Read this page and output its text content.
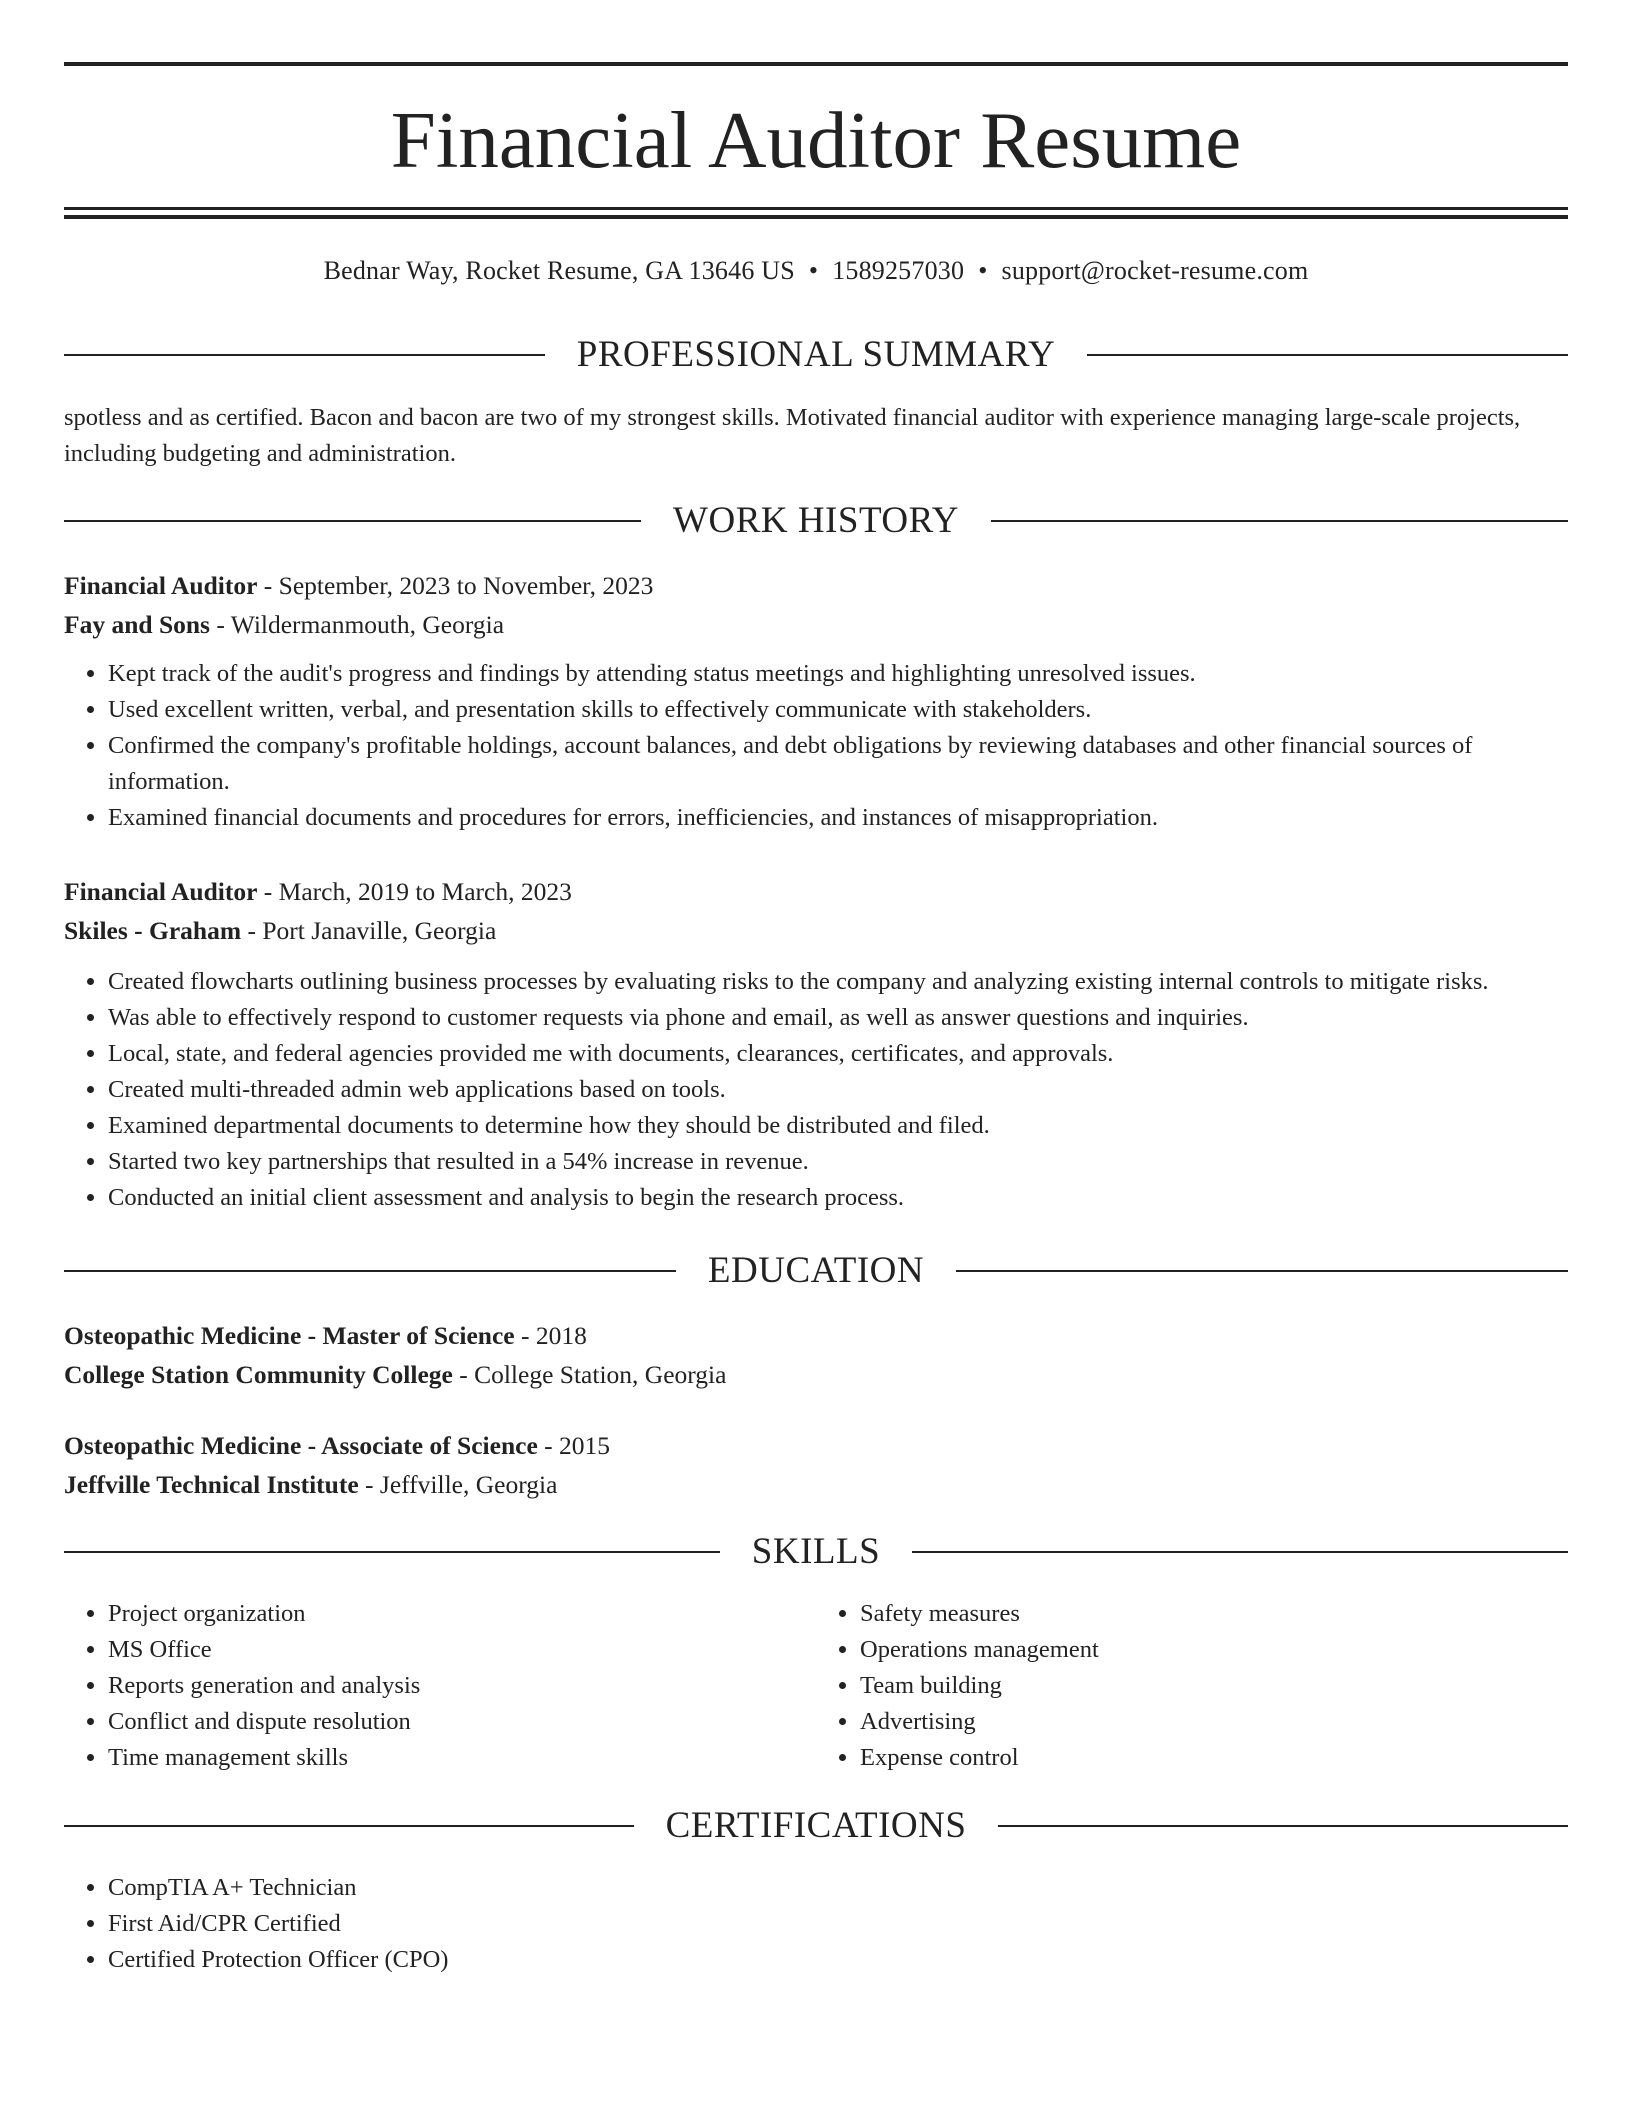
Financial Auditor Resume
Bednar Way, Rocket Resume, GA 13646 US • 1589257030 • support@rocket-resume.com
PROFESSIONAL SUMMARY
spotless and as certified. Bacon and bacon are two of my strongest skills. Motivated financial auditor with experience managing large-scale projects, including budgeting and administration.
WORK HISTORY
Financial Auditor - September, 2023 to November, 2023
Fay and Sons - Wildermanmouth, Georgia
• Kept track of the audit's progress and findings by attending status meetings and highlighting unresolved issues.
• Used excellent written, verbal, and presentation skills to effectively communicate with stakeholders.
• Confirmed the company's profitable holdings, account balances, and debt obligations by reviewing databases and other financial sources of information.
• Examined financial documents and procedures for errors, inefficiencies, and instances of misappropriation.
Financial Auditor - March, 2019 to March, 2023
Skiles - Graham - Port Janaville, Georgia
• Created flowcharts outlining business processes by evaluating risks to the company and analyzing existing internal controls to mitigate risks.
• Was able to effectively respond to customer requests via phone and email, as well as answer questions and inquiries.
• Local, state, and federal agencies provided me with documents, clearances, certificates, and approvals.
• Created multi-threaded admin web applications based on tools.
• Examined departmental documents to determine how they should be distributed and filed.
• Started two key partnerships that resulted in a 54% increase in revenue.
• Conducted an initial client assessment and analysis to begin the research process.
EDUCATION
Osteopathic Medicine - Master of Science - 2018
College Station Community College - College Station, Georgia
Osteopathic Medicine - Associate of Science - 2015
Jeffville Technical Institute - Jeffville, Georgia
SKILLS
• Project organization
• MS Office
• Reports generation and analysis
• Conflict and dispute resolution
• Time management skills
• Safety measures
• Operations management
• Team building
• Advertising
• Expense control
CERTIFICATIONS
• CompTIA A+ Technician
• First Aid/CPR Certified
• Certified Protection Officer (CPO)
